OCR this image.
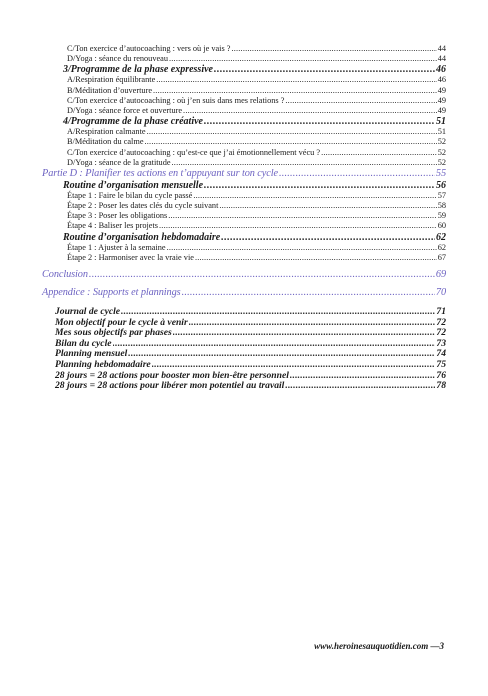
C/Ton exercice d’autocoaching : vers où je vais ? .....	44
D/Yoga : séance du renouveau .....	44
3/Programme de la phase expressive .....	46
A/Respiration équilibrante .....	46
B/Méditation d’ouverture .....	49
C/Ton exercice d’autocoaching : où j’en suis dans mes relations ? .....	49
D/Yoga : séance force et ouverture .....	49
4/Programme de la phase créative .....	51
A/Respiration calmante .....	51
B/Méditation du calme .....	52
C/Ton exercice d’autocoaching : qu’est-ce que j’ai émotionnellement vécu ? .....	52
D/Yoga : séance de la gratitude .....	52
Partie D : Planifier tes actions en t’appuyant sur ton cycle .....	55
Routine d’organisation mensuelle .....	56
Étape 1 : Faire le bilan du cycle passé .....	57
Étape 2 : Poser les dates clés du cycle suivant .....	58
Étape 3 : Poser les obligations .....	59
Étape 4 : Baliser les projets .....	60
Routine d’organisation hebdomadaire .....	62
Étape 1 : Ajuster à la semaine .....	62
Étape 2 : Harmoniser avec la vraie vie .....	67
Conclusion .....	69
Appendice : Supports et plannings .....	70
Journal de cycle .....	71
Mon objectif pour le cycle à venir .....	72
Mes sous objectifs par phases .....	72
Bilan du cycle .....	73
Planning mensuel .....	74
Planning hebdomadaire .....	75
28 jours = 28 actions pour booster mon bien-être personnel .....	76
28 jours = 28 actions pour libérer mon potentiel au travail .....	78
www.heroinesauquotidien.com —3
